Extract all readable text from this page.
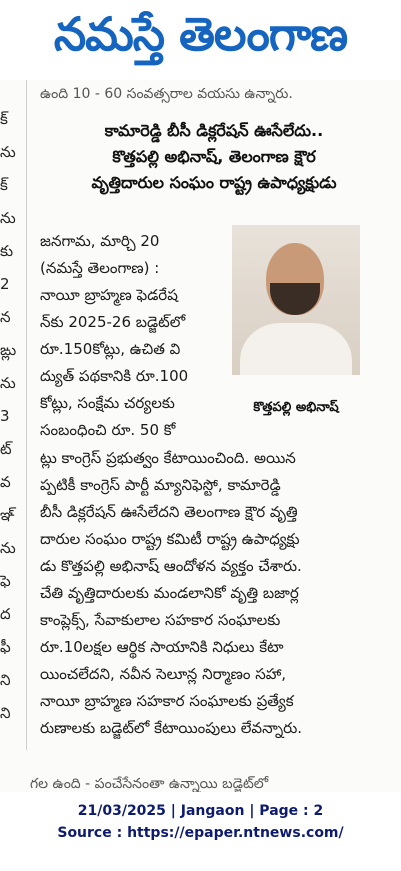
నమస్తే తెలంగాణ
క్
ను
క్
ను
కు
2
న
ఙ్లు
ను
3
ట్
వ
ఞ్
ను
ఫె
ద
ఫీ
ని
ని
ఉంది 10 - 60 సంవత్సరాల వయసు ఉన్నారు.
కామారెడ్డి బీసీ డిక్లరేషన్ ఊసేలేదు..
కొత్తపల్లి అభినాష్, తెలంగాణ క్షౌర
వృత్తిదారుల సంఘం రాష్ట్ర ఉపాధ్యక్షుడు
కొత్తపల్లి అభినాష్
జనగామ, మార్చి 20
(నమస్తే తెలంగాణ) :
నాయీ బ్రాహ్మణ ఫెడరేష
న్‌కు 2025-26 బడ్జెట్‌లో
రూ.150కోట్లు, ఉచిత వి
ద్యుత్ పథకానికి రూ.100
కోట్లు, సంక్షేమ చర్యలకు
సంబంధించి రూ. 50 కో
ట్లు కాంగ్రెస్ ప్రభుత్వం కేటాయించింది. అయిన
ప్పటికీ కాంగ్రెస్ పార్టీ మ్యానిఫెస్టో, కామారెడ్డి
బీసీ డిక్లరేషన్ ఊసేలేదని తెలంగాణ క్షౌర వృత్తి
దారుల సంఘం రాష్ట్ర కమిటీ రాష్ట్ర ఉపాధ్యక్షు
డు కొత్తపల్లి అభినాష్ ఆందోళన వ్యక్తం చేశారు.
చేతి వృత్తిదారులకు మండలానికో వృత్తి బజార్ల
కాంప్లెక్స్, సేవాకులాల సహకార సంఘాలకు
రూ.10లక్షల ఆర్థిక సాయానికి నిధులు కేటా
యించలేదని, నవీన సెలూన్ల నిర్మాణం సహా,
నాయీ బ్రాహ్మణ సహకార సంఘాలకు ప్రత్యేక
రుణాలకు బడ్జెట్‌లో కేటాయింపులు లేవన్నారు.
గల ఉంది - పంచేసేనంతా ఉన్నాయి బడ్జెట్‌లో
21/03/2025 | Jangaon | Page : 2
Source : https://epaper.ntnews.com/
